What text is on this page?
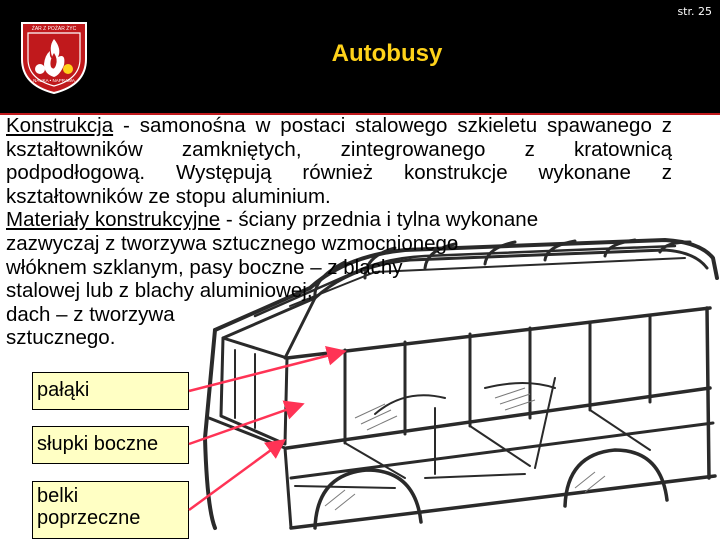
str. 25
ŻAR Z POŻAR ŻYC
NAUKA • NAPRAWA
Autobusy

Konstrukcja - samonośna w postaci stalowego szkieletu spawanego z kształtowników zamkniętych, zintegrowanego z kratownicą podpodłogową. Występują również konstrukcje wykonane z kształtowników ze stopu aluminium.

Materiały konstrukcyjne - ściany przednia i tylna wykonane
zazwyczaj z tworzywa sztucznego wzmocnionego
włóknem szklanym, pasy boczne – z blachy
stalowej lub z blachy aluminiowej,
dach – z tworzywa
sztucznego.

pałąki
słupki boczne
belki
poprzeczne
